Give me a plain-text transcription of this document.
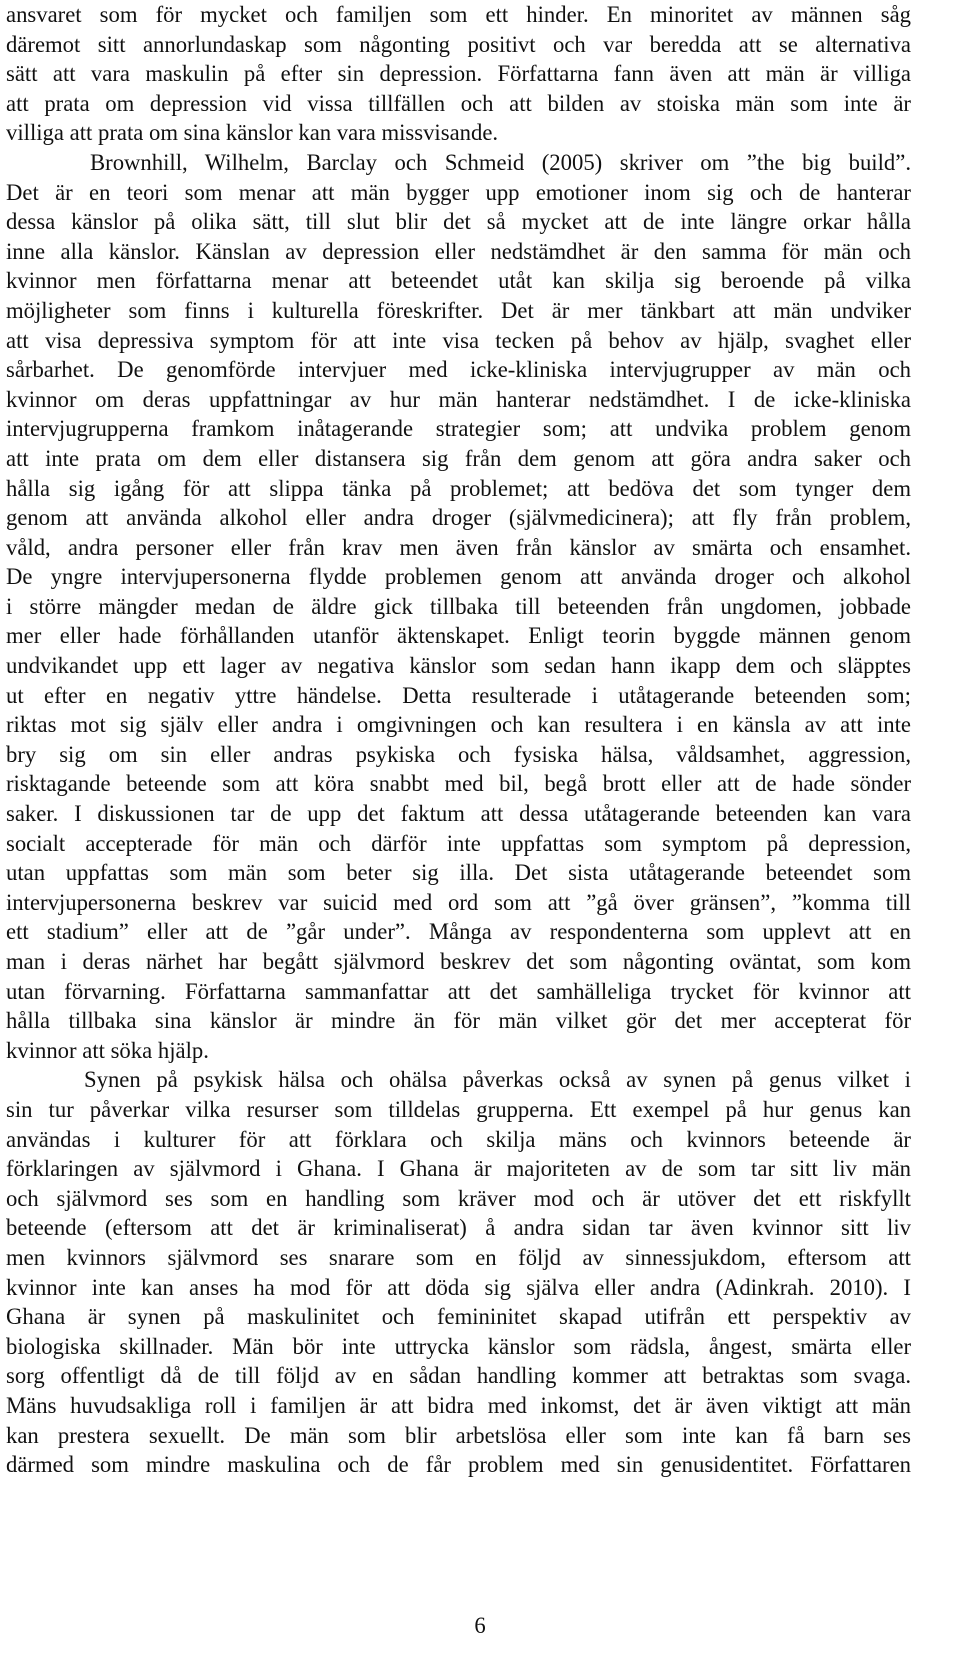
ansvaret som för mycket och familjen som ett hinder. En minoritet av männen såg
däremot sitt annorlundaskap som någonting positivt och var beredda att se alternativa
sätt att vara maskulin på efter sin depression. Författarna fann även att män är villiga
att prata om depression vid vissa tillfällen och att bilden av stoiska män som inte är
villiga att prata om sina känslor kan vara missvisande.
Brownhill, Wilhelm, Barclay och Schmeid (2005) skriver om ”the big build”.
Det är en teori som menar att män bygger upp emotioner inom sig och de hanterar
dessa känslor på olika sätt, till slut blir det så mycket att de inte längre orkar hålla
inne alla känslor. Känslan av depression eller nedstämdhet är den samma för män och
kvinnor men författarna menar att beteendet utåt kan skilja sig beroende på vilka
möjligheter som finns i kulturella föreskrifter. Det är mer tänkbart att män undviker
att visa depressiva symptom för att inte visa tecken på behov av hjälp, svaghet eller
sårbarhet. De genomförde intervjuer med icke-kliniska intervjugrupper av män och
kvinnor om deras uppfattningar av hur män hanterar nedstämdhet. I de icke-kliniska
intervjugrupperna framkom inåtagerande strategier som; att undvika problem genom
att inte prata om dem eller distansera sig från dem genom att göra andra saker och
hålla sig igång för att slippa tänka på problemet; att bedöva det som tynger dem
genom att använda alkohol eller andra droger (självmedicinera); att fly från problem,
våld, andra personer eller från krav men även från känslor av smärta och ensamhet.
De yngre intervjupersonerna flydde problemen genom att använda droger och alkohol
i större mängder medan de äldre gick tillbaka till beteenden från ungdomen, jobbade
mer eller hade förhållanden utanför äktenskapet. Enligt teorin byggde männen genom
undvikandet upp ett lager av negativa känslor som sedan hann ikapp dem och släpptes
ut efter en negativ yttre händelse. Detta resulterade i utåtagerande beteenden som;
riktas mot sig själv eller andra i omgivningen och kan resultera i en känsla av att inte
bry sig om sin eller andras psykiska och fysiska hälsa, våldsamhet, aggression,
risktagande beteende som att köra snabbt med bil, begå brott eller att de hade sönder
saker. I diskussionen tar de upp det faktum att dessa utåtagerande beteenden kan vara
socialt accepterade för män och därför inte uppfattas som symptom på depression,
utan uppfattas som män som beter sig illa. Det sista utåtagerande beteendet som
intervjupersonerna beskrev var suicid med ord som att ”gå över gränsen”, ”komma till
ett stadium” eller att de ”går under”. Många av respondenterna som upplevt att en
man i deras närhet har begått självmord beskrev det som någonting oväntat, som kom
utan förvarning. Författarna sammanfattar att det samhälleliga trycket för kvinnor att
hålla tillbaka sina känslor är mindre än för män vilket gör det mer accepterat för
kvinnor att söka hjälp.
Synen på psykisk hälsa och ohälsa påverkas också av synen på genus vilket i
sin tur påverkar vilka resurser som tilldelas grupperna. Ett exempel på hur genus kan
användas i kulturer för att förklara och skilja mäns och kvinnors beteende är
förklaringen av självmord i Ghana. I Ghana är majoriteten av de som tar sitt liv män
och självmord ses som en handling som kräver mod och är utöver det ett riskfyllt
beteende (eftersom att det är kriminaliserat) å andra sidan tar även kvinnor sitt liv
men kvinnors självmord ses snarare som en följd av sinnessjukdom, eftersom att
kvinnor inte kan anses ha mod för att döda sig själva eller andra (Adinkrah. 2010). I
Ghana är synen på maskulinitet och femininitet skapad utifrån ett perspektiv av
biologiska skillnader. Män bör inte uttrycka känslor som rädsla, ångest, smärta eller
sorg offentligt då de till följd av en sådan handling kommer att betraktas som svaga.
Mäns huvudsakliga roll i familjen är att bidra med inkomst, det är även viktigt att män
kan prestera sexuellt. De män som blir arbetslösa eller som inte kan få barn ses
därmed som mindre maskulina och de får problem med sin genusidentitet. Författaren
6
